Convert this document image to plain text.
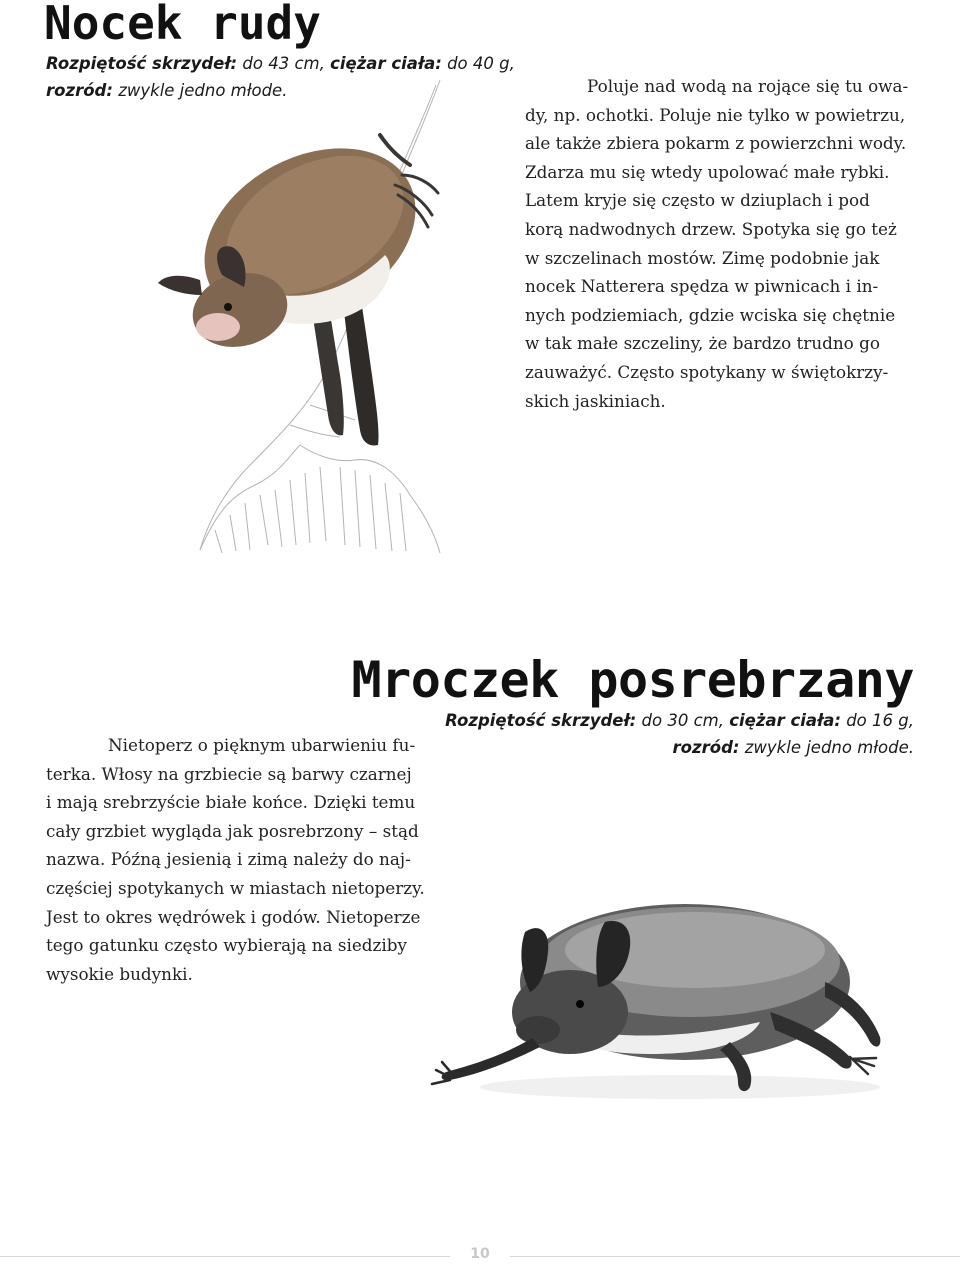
Nocek rudy

Rozpiętość skrzydeł: do 43 cm, ciężar ciała: do 40 g,
rozród: zwykle jedno młode.	Poluje nad wodą na rojące się tu owa-
dy, np. ochotki. Poluje nie tylko w powietrzu,
ale także zbiera pokarm z powierzchni wody.
Zdarza mu się wtedy upolować małe rybki.
Latem kryje się często w dziuplach i pod
korą nadwodnych drzew. Spotyka się go też
w szczelinach mostów. Zimę podobnie jak
nocek Natterera spędza w piwnicach i in-
nych podziemiach, gdzie wciska się chętnie
w tak małe szczeliny, że bardzo trudno go
zauważyć. Często spotykany w świętokrzy-
skich jaskiniach.
Mroczek posrebrzany

Rozpiętość skrzydeł: do 30 cm, ciężar ciała: do 16 g,
rozród: zwykle jedno młode.

Nietoperz o pięknym ubarwieniu fu-
terka. Włosy na grzbiecie są barwy czarnej
i mają srebrzyście białe końce. Dzięki temu
cały grzbiet wygląda jak posrebrzony – stąd
nazwa. Późną jesienią i zimą należy do naj-
częściej spotykanych w miastach nietoperzy.
Jest to okres wędrówek i godów. Nietoperze
tego gatunku często wybierają na siedziby
wysokie budynki.
10
